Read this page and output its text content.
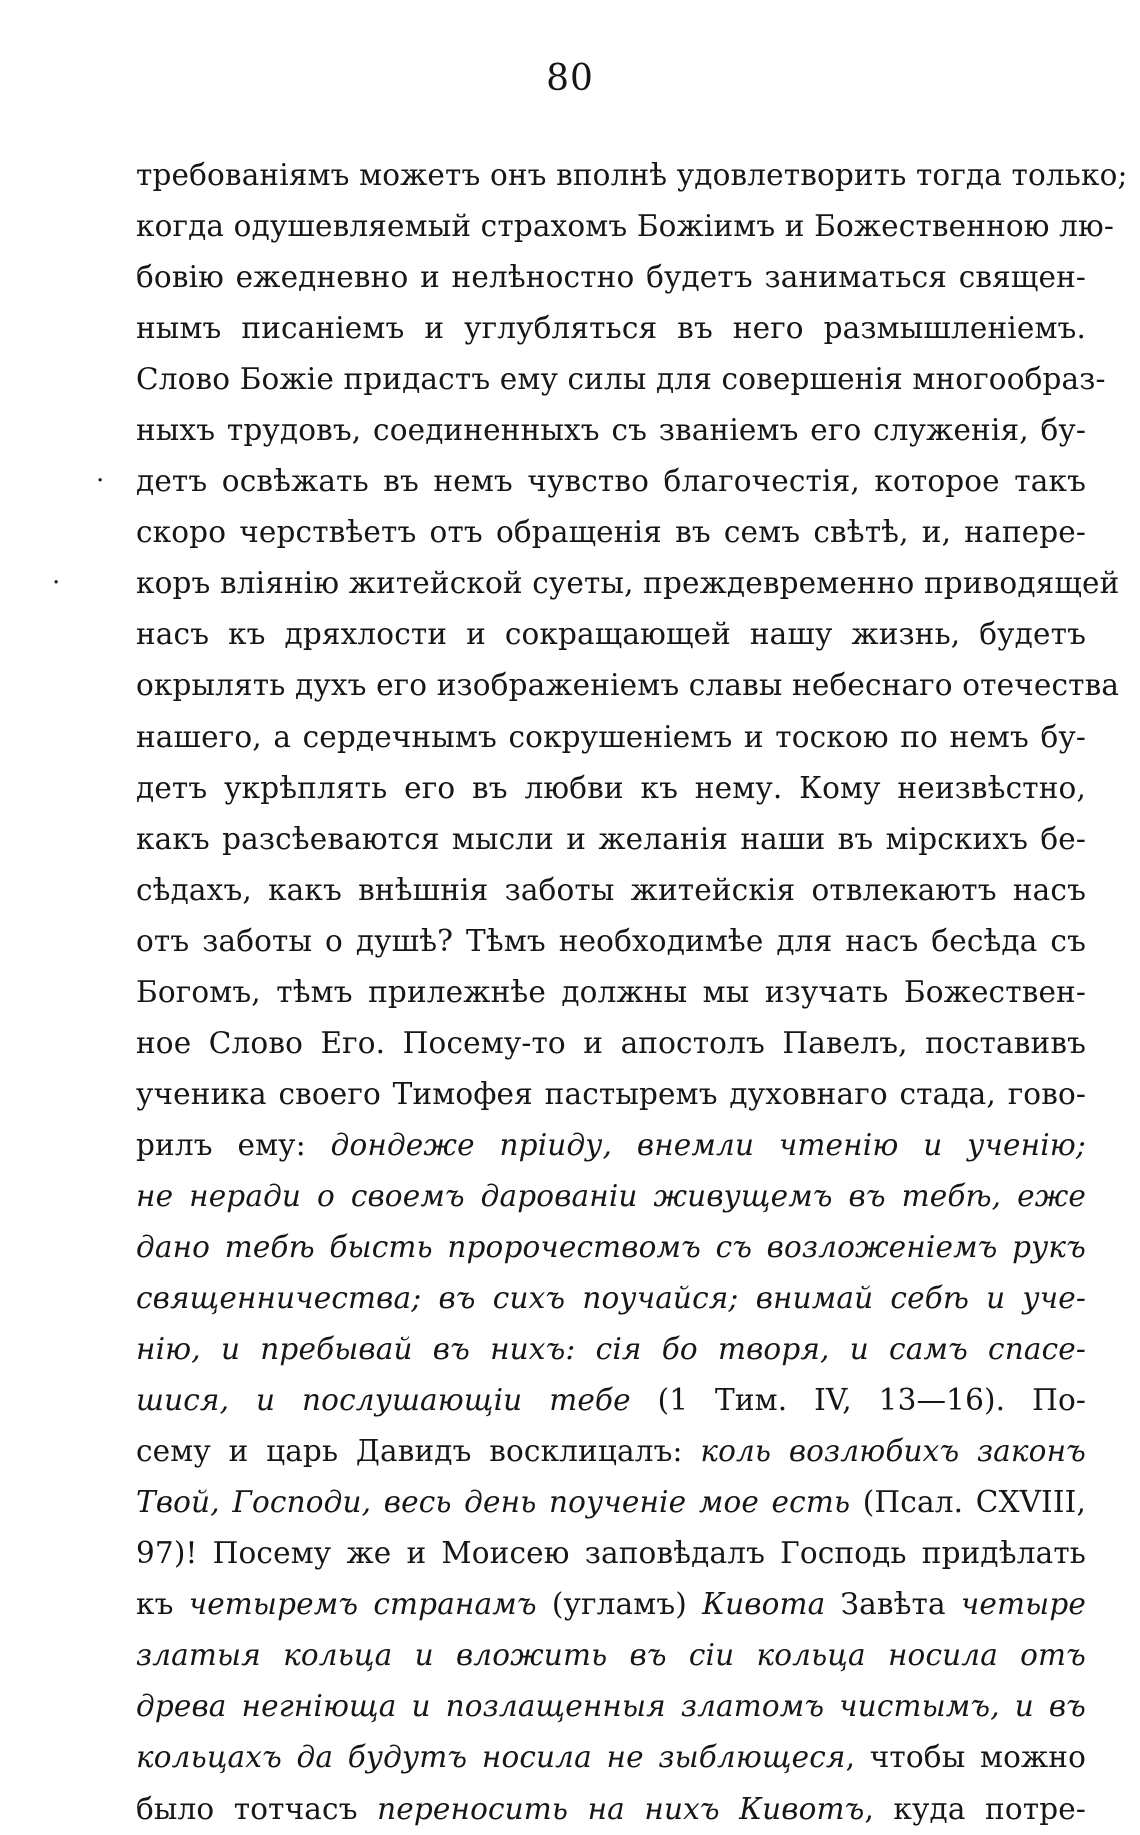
80
·
.
требованіямъ можетъ онъ вполнѣ удовлетворить тогда только;
когда одушевляемый страхомъ Божіимъ и Божественною лю-
бовію ежедневно и нелѣностно будетъ заниматься священ-
нымъ писаніемъ и углубляться въ него размышленіемъ.
Слово Божіе придастъ ему силы для совершенія многообраз-
ныхъ трудовъ, соединенныхъ съ званіемъ его служенія, бу-
детъ освѣжать въ немъ чувство благочестія, которое такъ
скоро черствѣетъ отъ обращенія въ семъ свѣтѣ, и, напере-
коръ вліянію житейской суеты, преждевременно приводящей
насъ къ дряхлости и сокращающей нашу жизнь, будетъ
окрылять духъ его изображеніемъ славы небеснаго отечества
нашего, а сердечнымъ сокрушеніемъ и тоскою по немъ бу-
детъ укрѣплять его въ любви къ нему. Кому неизвѣстно,
какъ разсѣеваются мысли и желанія наши въ мірскихъ бе-
сѣдахъ, какъ внѣшнія заботы житейскія отвлекаютъ насъ
отъ заботы о душѣ? Тѣмъ необходимѣе для насъ бесѣда съ
Богомъ, тѣмъ прилежнѣе должны мы изучать Божествен-
ное Слово Его. Посему-то и апостолъ Павелъ, поставивъ
ученика своего Тимофея пастыремъ духовнаго стада, гово-
рилъ ему: дондеже пріиду, внемли чтенію и ученію;
не неради о своемъ дарованіи живущемъ въ тебѣ, еже
дано тебѣ бысть пророчествомъ съ возложеніемъ рукъ
священничества; въ сихъ поучайся; внимай себѣ и уче-
нію, и пребывай въ нихъ: сія бо творя, и самъ спасе-
шися, и послушающіи тебе (1 Тим. IV, 13—16). По-
сему и царь Давидъ восклицалъ: коль возлюбихъ законъ
Твой, Господи, весь день поученіе мое есть (Псал. CXVIII,
97)! Посему же и Моисею заповѣдалъ Господь придѣлать
къ четыремъ странамъ (угламъ) Кивота Завѣта четыре
златыя кольца и вложить въ сіи кольца носила отъ
древа негніюща и позлащенныя златомъ чистымъ, и въ
кольцахъ да будутъ носила не зыблющеся, чтобы можно
было тотчасъ переносить на нихъ Кивотъ, куда потре-
